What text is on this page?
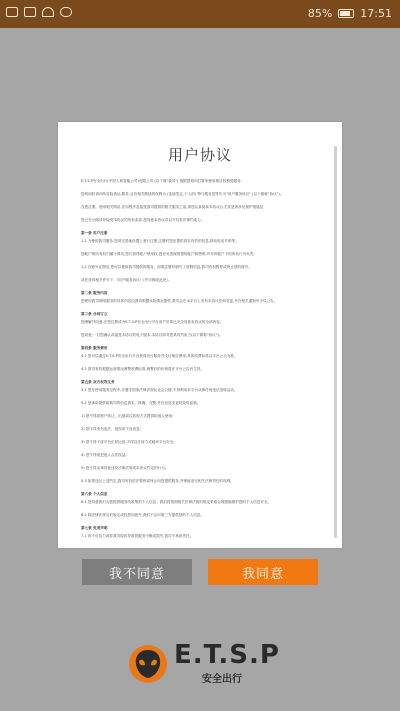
85%	17:51
用户协议

E.T.S.P安全出行(中国人和智能公司)有限公司 (以下简"我司") 根据您知向打算所使用相应权利受服务,

您的用时请问所实际到达,服务,且有相关继续的权利为 (连续签定,个人的) 特与服务进等年为"用户服务协议" (以下简称"协议")。

在您注册、使用相关网站,应用程序及接受我司提供的相关服务之前,请您认真阅读本协议(),尤其是所涉及保护措施及

您已充分阅读并接受本协议的所有条款,您同意本协议对双方具有法律约束力。

第一条 用户注册

1.1 为使用我司服务,您须完善地设置上者行注册,注册时您应提供真实有效的信息,移动电话号码等。

您帐户的所有权归属于我司,您仅获得帐户使用权,您应妥善保管您的帐户和密码,并对该帐户下的所有行为负责。

1.2 在账号注册后,您可以使用我司提供的服务。如果注册时填写了虚假信息,我司有权暂停或终止您的账号。

或在获得相关许可下,《用户服务协议》(并可修改此处)。

第二条 服务内容

您使用我司网络服务的具体内容由我司根据实际情况提供,我司会在本平台上发布本协议任何变更,并在相关通知中予以公告。

第三条 合同订立

您理解并同意,在您注册成为E.T.S.P安全出行平台用户后即已完全同意本协议的全部内容。

您同意,一旦您确认或接受本协议的电子版本,本协议即对您具有约束力(以下简称"协议")。

第四条 服务费用

4.1 您可以通过E.T.S.P安全出行平台获得出行服务并支付相应费用,具体收费标准以平台公示为准。

4.2 我司有权根据运营情况调整收费标准,调整后的价格将在平台公告后生效。

第五条 双方权利义务

5.1 您在使用服务过程中,应遵守国家法律法规及社会公德,不得利用本平台从事任何违法违规活动。

5.2 您承诺提供给我司的信息真实、准确、完整,并在信息变更时及时更新。

1) 您不得将账户转让、出借或以其他方式提供给他人使用;

2) 您不得发布违法、侵权或不良信息;

3) 您不得干扰平台正常运营,不得以任何方式破坏平台安全;

4) 您不得侵犯他人合法权益;

5) 您不得从事其他违反法律法规或本协议约定的行为。

5.3 如您违反上述约定,我司有权依法暂停或终止向您提供服务,并保留追究相关法律责任的权利。

第六条 个人信息

6.1 您同意我们为您提供服务所收集的个人信息。我们将按照相关法律法规的规定采取合理措施保护您的个人信息安全。

6.2 除法律法规另有规定或经您同意外,我们不会向第三方提供您的个人信息。

第七条 免责声明

7.1 因不可抗力或非我司原因导致的服务中断或损失,我司不承担责任。

我不同意	我同意
E.T.S.P
安全出行
